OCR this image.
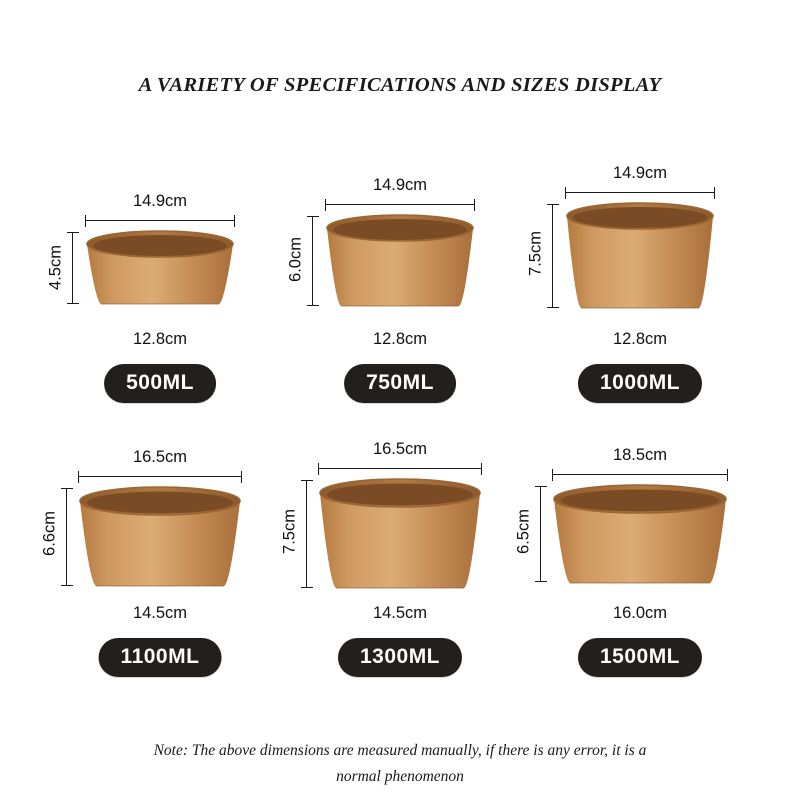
A VARIETY OF SPECIFICATIONS AND SIZES DISPLAY
14.9cm
4.5cm
12.8cm
500ML
14.9cm
6.0cm
12.8cm
750ML
14.9cm
7.5cm
12.8cm
1000ML
16.5cm
6.6cm
14.5cm
1100ML
16.5cm
7.5cm
14.5cm
1300ML
18.5cm
6.5cm
16.0cm
1500ML
Note: The above dimensions are measured manually, if there is any error, it is a
normal phenomenon
